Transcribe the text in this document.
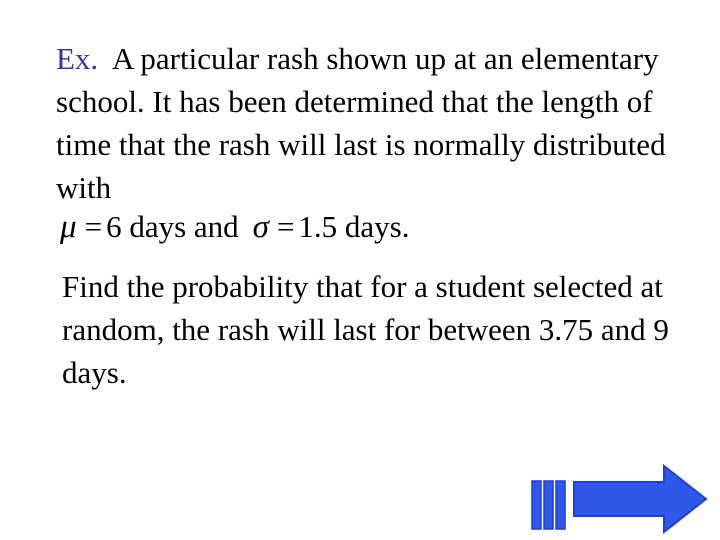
Ex. A particular rash shown up at an elementary school. It has been determined that the length of time that the rash will last is normally distributed with
μ = 6 days and σ = 1.5 days.
Find the probability that for a student selected at random, the rash will last for between 3.75 and 9 days.
